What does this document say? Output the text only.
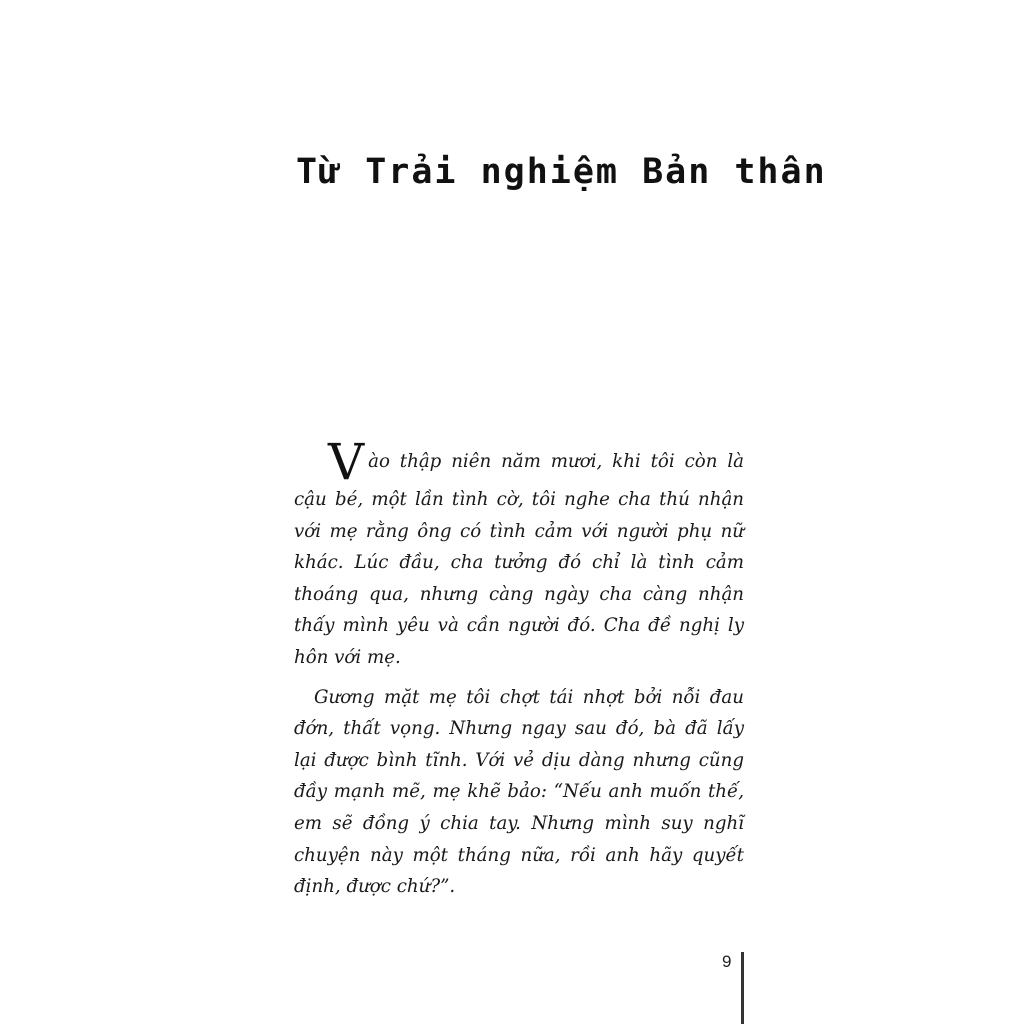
Từ Trải nghiệm Bản thân
V ào thập niên năm mươi, khi tôi còn là
cậu bé, một lần tình cờ, tôi nghe cha thú nhận
với mẹ rằng ông có tình cảm với người phụ nữ
khác. Lúc đầu, cha tưởng đó chỉ là tình cảm
thoáng qua, nhưng càng ngày cha càng nhận
thấy mình yêu và cần người đó. Cha đề nghị ly
hôn với mẹ.
Gương mặt mẹ tôi chợt tái nhợt bởi nỗi đau
đớn, thất vọng. Nhưng ngay sau đó, bà đã lấy
lại được bình tĩnh. Với vẻ dịu dàng nhưng cũng
đầy mạnh mẽ, mẹ khẽ bảo: “Nếu anh muốn thế,
em sẽ đồng ý chia tay. Nhưng mình suy nghĩ
chuyện này một tháng nữa, rồi anh hãy quyết
định, được chứ?”.
9
